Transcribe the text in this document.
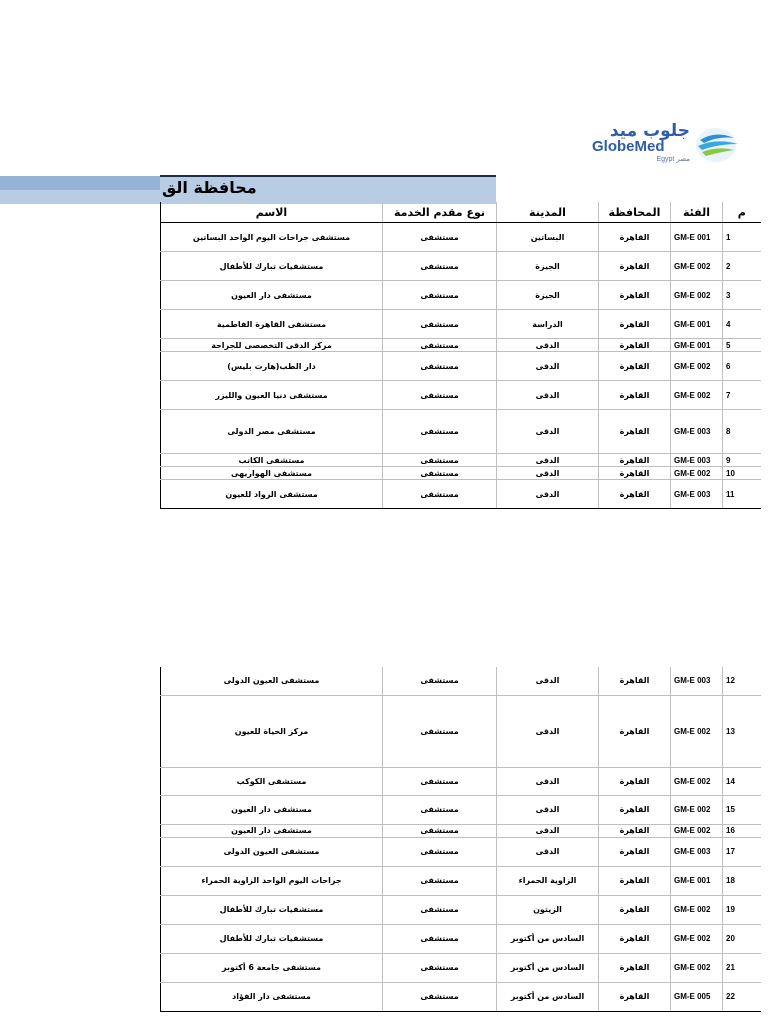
جلوب ميد
GlobeMed
Egypt مصر
محافظة الق
الاسم	نوع مقدم الخدمة	المدينة	المحافظة	الفئة	م
مستشفى جراحات اليوم الواحد البساتين	مستشفى	البساتين	القاهرة	GM-E 001	1
مستشفيات تبارك للأطفال	مستشفى	الجيزة	القاهرة	GM-E 002	2
مستشفى دار العيون	مستشفى	الجيزة	القاهرة	GM-E 002	3
مستشفى القاهرة الفاطمية	مستشفى	الدراسة	القاهرة	GM-E 001	4
مركز الدقى التخصصى للجراحة	مستشفى	الدقى	القاهرة	GM-E 001	5
دار الطب(هارت بليس)	مستشفى	الدقى	القاهرة	GM-E 002	6
مستشفى دنيا العيون والليزر	مستشفى	الدقى	القاهرة	GM-E 002	7
مستشفى مصر الدولى	مستشفى	الدقى	القاهرة	GM-E 003	8
مستشفى الكاتب	مستشفى	الدقى	القاهرة	GM-E 003	9
مستشفى الهواريهى	مستشفى	الدقى	القاهرة	GM-E 002	10
مستشفى الرواد للعيون	مستشفى	الدقى	القاهرة	GM-E 003	11
مستشفى العيون الدولى	مستشفى	الدقى	القاهرة	GM-E 003	12
مركز الحياة للعيون	مستشفى	الدقى	القاهرة	GM-E 002	13
مستشفى الكوكب	مستشفى	الدقى	القاهرة	GM-E 002	14
مستشفى دار العيون	مستشفى	الدقى	القاهرة	GM-E 002	15
مستشفى دار العيون	مستشفى	الدقى	القاهرة	GM-E 002	16
مستشفى العيون الدولى	مستشفى	الدقى	القاهرة	GM-E 003	17
جراحات اليوم الواحد الزاوية الحمراء	مستشفى	الزاوية الحمراء	القاهرة	GM-E 001	18
مستشفيات تبارك للأطفال	مستشفى	الزيتون	القاهرة	GM-E 002	19
مستشفيات تبارك للأطفال	مستشفى	السادس من أكتوبر	القاهرة	GM-E 002	20
مستشفى جامعة 6 أكتوبر	مستشفى	السادس من أكتوبر	القاهرة	GM-E 002	21
مستشفى دار الفؤاد	مستشفى	السادس من أكتوبر	القاهرة	GM-E 005	22
